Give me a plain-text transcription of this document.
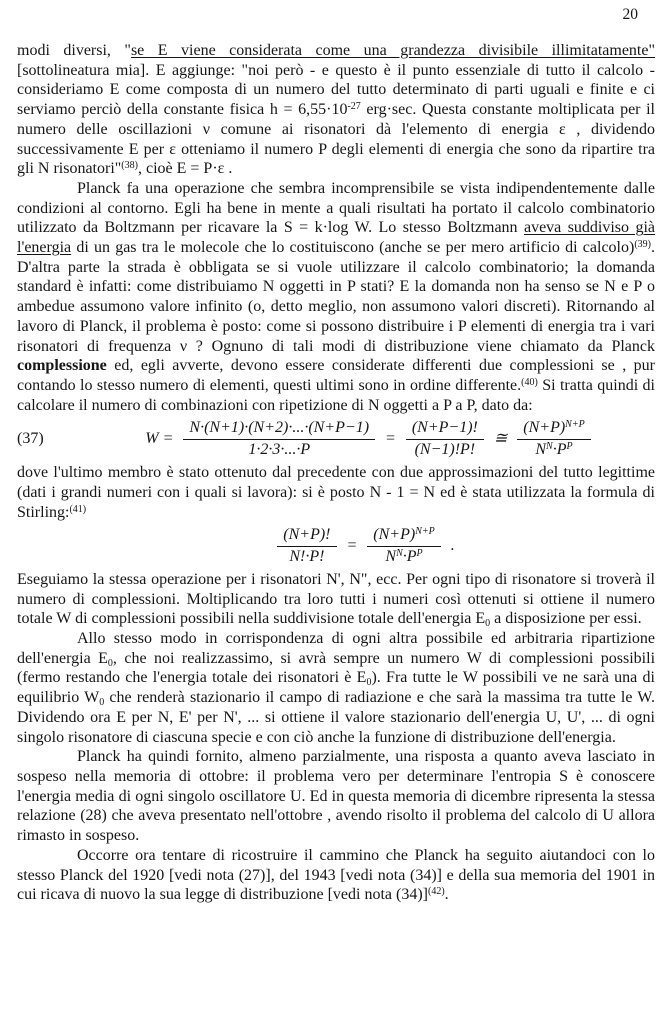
20

modi diversi, "se E viene considerata come una grandezza divisibile illimitatamente" [sottolineatura mia]. E aggiunge: "noi però - e questo è il punto essenziale di tutto il calcolo - consideriamo E come composta di un numero del tutto determinato di parti uguali e finite e ci serviamo perciò della constante fisica $h = 6,55\cdot 10^{-27}$ erg·sec. Questa constante moltiplicata per il numero delle oscillazioni ν comune ai risonatori dà l'elemento di energia ε , dividendo successivamente E per ε otteniamo il numero P degli elementi di energia che sono da ripartire tra gli N risonatori"$^{(38)}$, cioè E = P·ε .

Planck fa una operazione che sembra incomprensibile se vista indipendentemente dalle condizioni al contorno. Egli ha bene in mente a quali risultati ha portato il calcolo combinatorio utilizzato da Boltzmann per ricavare la S = k·log W. Lo stesso Boltzmann aveva suddiviso già l'energia di un gas tra le molecole che lo costituiscono (anche se per mero artificio di calcolo)$^{(39)}$. D'altra parte la strada è obbligata se si vuole utilizzare il calcolo combinatorio; la domanda standard è infatti: come distribuiamo N oggetti in P stati? E la domanda non ha senso se N e P o ambedue assumono valore infinito (o, detto meglio, non assumono valori discreti). Ritornando al lavoro di Planck, il problema è posto: come si possono distribuire i P elementi di energia tra i vari risonatori di frequenza ν ? Ognuno di tali modi di distribuzione viene chiamato da Planck complessione ed, egli avverte, devono essere considerate differenti due complessioni se , pur contando lo stesso numero di elementi, questi ultimi sono in ordine differente.$^{(40)}$ Si tratta quindi di calcolare il numero di combinazioni con ripetizione di N oggetti a P a P, dato da:

(37)	$W = \frac{N\cdot(N+1)\cdot(N+2)\cdot...\cdot(N+P-1)}{1\cdot 2\cdot 3\cdot...\cdot P} = \frac{(N+P-1)!}{(N-1)!P!}$ ≅ $\frac{(N+P)^{N+P}}{N^N\cdot P^P}$

dove l'ultimo membro è stato ottenuto dal precedente con due approssimazioni del tutto legittime (dati i grandi numeri con i quali si lavora): si è posto N - 1 = N ed è stata utilizzata la formula di Stirling:$^{(41)}$

$\frac{(N+P)!}{N!\cdot P!} = \frac{(N+P)^{N+P}}{N^N\cdot P^P}$ .

Eseguiamo la stessa operazione per i risonatori N', N", ecc. Per ogni tipo di risonatore si troverà il numero di complessioni. Moltiplicando tra loro tutti i numeri così ottenuti si ottiene il numero totale W di complessioni possibili nella suddivisione totale dell'energia $E_0$ a disposizione per essi.

Allo stesso modo in corrispondenza di ogni altra possibile ed arbitraria ripartizione dell'energia $E_0$, che noi realizzassimo, si avrà sempre un numero W di complessioni possibili (fermo restando che l'energia totale dei risonatori è $E_0$). Fra tutte le W possibili ve ne sarà una di equilibrio $W_0$ che renderà stazionario il campo di radiazione e che sarà la massima tra tutte le W. Dividendo ora E per N, E' per N', ... si ottiene il valore stazionario dell'energia U, U', ... di ogni singolo risonatore di ciascuna specie e con ciò anche la funzione di distribuzione dell'energia.

Planck ha quindi fornito, almeno parzialmente, una risposta a quanto aveva lasciato in sospeso nella memoria di ottobre: il problema vero per determinare l'entropia S è conoscere l'energia media di ogni singolo oscillatore U. Ed in questa memoria di dicembre ripresenta la stessa relazione (28) che aveva presentato nell'ottobre , avendo risolto il problema del calcolo di U allora rimasto in sospeso.

Occorre ora tentare di ricostruire il cammino che Planck ha seguito aiutandoci con lo stesso Planck del 1920 [vedi nota (27)], del 1943 [vedi nota (34)] e della sua memoria del 1901 in cui ricava di nuovo la sua legge di distribuzione [vedi nota (34)]$^{(42)}$.
